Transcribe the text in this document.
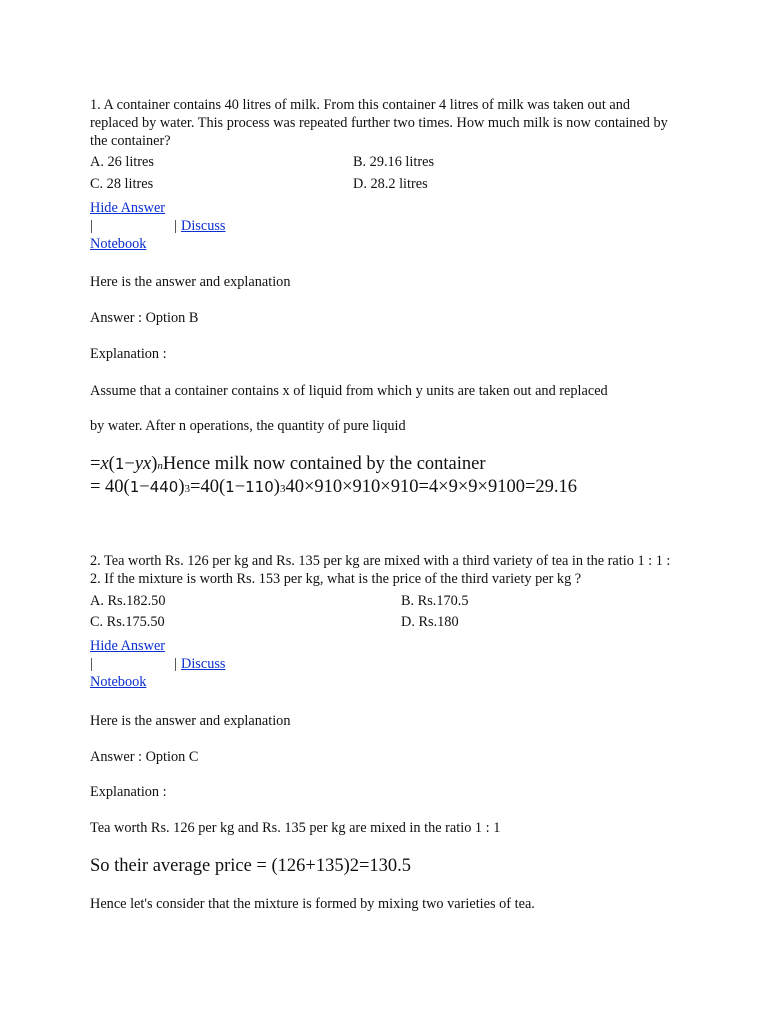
1. A container contains 40 litres of milk. From this container 4 litres of milk was taken out and replaced by water. This process was repeated further two times. How much milk is now contained by the container?
A. 26 litres	B. 29.16 litres
C. 28 litres	D. 28.2 litres
Hide Answer
|	| Discuss
Notebook
Here is the answer and explanation
Answer : Option B
Explanation :
Assume that a container contains x of liquid from which y units are taken out and replaced
by water. After n operations, the quantity of pure liquid
=x(1−yx)nHence milk now contained by the container
= 40(1−440)3=40(1−110)340×910×910×910=4×9×9×9100=29.16
2. Tea worth Rs. 126 per kg and Rs. 135 per kg are mixed with a third variety of tea in the ratio 1 : 1 : 2. If the mixture is worth Rs. 153 per kg, what is the price of the third variety per kg ?
A. Rs.182.50	B. Rs.170.5
C. Rs.175.50	D. Rs.180
Hide Answer
|	| Discuss
Notebook
Here is the answer and explanation
Answer : Option C
Explanation :
Tea worth Rs. 126 per kg and Rs. 135 per kg are mixed in the ratio 1 : 1
So their average price = (126+135)2=130.5
Hence let's consider that the mixture is formed by mixing two varieties of tea.
